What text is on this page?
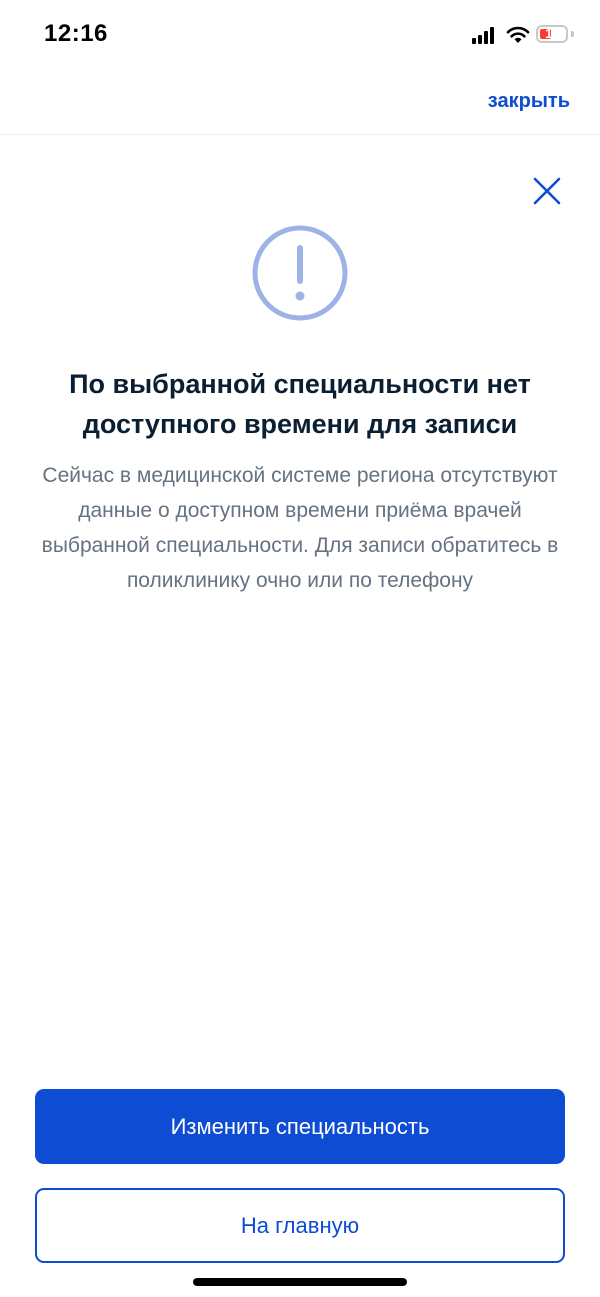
12:16	11
закрыть
По выбранной специальности нет доступного времени для записи
Сейчас в медицинской системе региона отсутствуют данные о доступном времени приёма врачей выбранной специальности. Для записи обратитесь в поликлинику очно или по телефону
Изменить специальность
На главную
